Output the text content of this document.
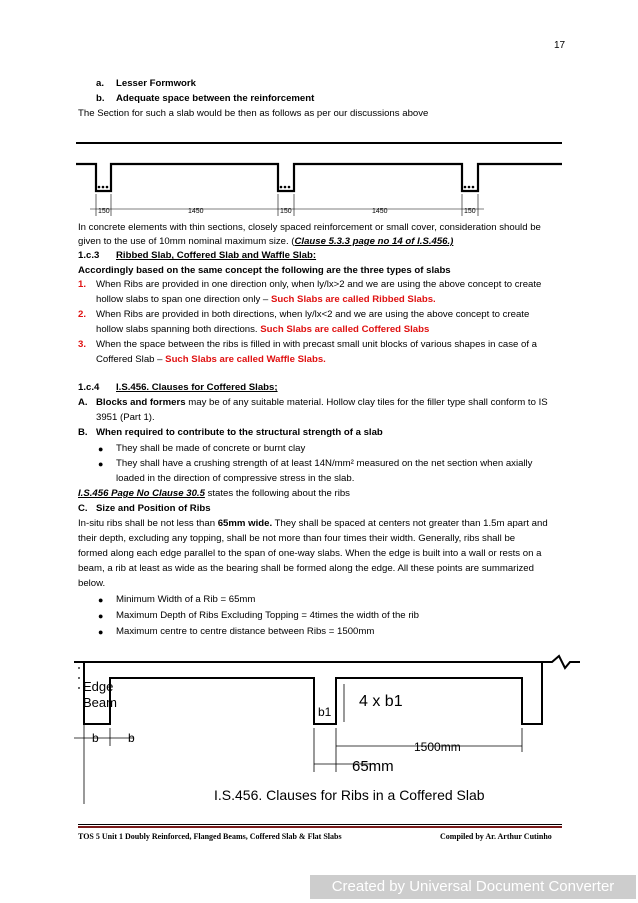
17
a. Lesser Formwork
b. Adequate space between the reinforcement
The Section for such a slab would be then as follows as per our discussions above
150	1450	150	1450	150
In concrete elements with thin sections, closely spaced reinforcement or small cover, consideration should be
given to the use of 10mm nominal maximum size. (Clause 5.3.3 page no 14 of I.S.456.)
1.c.3 Ribbed Slab, Coffered Slab and Waffle Slab:
Accordingly based on the same concept the following are the three types of slabs
1. When Ribs are provided in one direction only, when ly/lx>2 and we are using the above concept to create
hollow slabs to span one direction only – Such Slabs are called Ribbed Slabs.
2. When Ribs are provided in both directions, when ly/lx<2 and we are using the above concept to create
hollow slabs spanning both directions. Such Slabs are called Coffered Slabs
3. When the space between the ribs is filled in with precast small unit blocks of various shapes in case of a
Coffered Slab – Such Slabs are called Waffle Slabs.
1.c.4 I.S.456. Clauses for Coffered Slabs;
A. Blocks and formers may be of any suitable material. Hollow clay tiles for the filler type shall conform to IS
3951 (Part 1).
B. When required to contribute to the structural strength of a slab
● They shall be made of concrete or burnt clay
● They shall have a crushing strength of at least 14N/mm² measured on the net section when axially
loaded in the direction of compressive stress in the slab.
I.S.456 Page No Clause 30.5 states the following about the ribs
C. Size and Position of Ribs
In-situ ribs shall be not less than 65mm wide. They shall be spaced at centers not greater than 1.5m apart and
their depth, excluding any topping, shall be not more than four times their width. Generally, ribs shall be
formed along each edge parallel to the span of one-way slabs. When the edge is built into a wall or rests on a
beam, a rib at least as wide as the bearing shall be formed along the edge. All these points are summarized
below.
● Minimum Width of a Rib = 65mm
● Maximum Depth of Ribs Excluding Topping = 4times the width of the rib
● Maximum centre to centre distance between Ribs = 1500mm
Edge
Beam
b b
b1
4 x b1
1500mm
65mm
I.S.456. Clauses for Ribs in a Coffered Slab
TOS 5 Unit 1 Doubly Reinforced, Flanged Beams, Coffered Slab & Flat Slabs	Compiled by Ar. Arthur Cutinho
Created by Universal Document Converter
